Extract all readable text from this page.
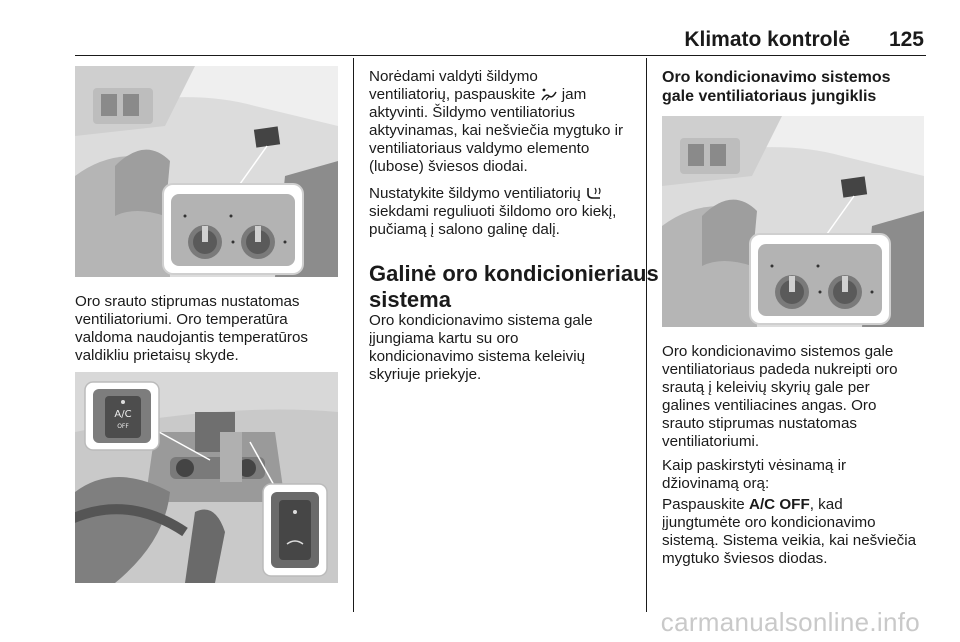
Klimato kontrolė 125

Oro srauto stiprumas nustatomas
ventiliatoriumi. Oro temperatūra
valdoma naudojantis temperatūros
valdikliu prietaisų skyde.

A/C
OFF

Norėdami valdyti šildymo
ventiliatorių, paspauskite jam
aktyvinti. Šildymo ventiliatorius
aktyvinamas, kai nešviečia mygtuko ir
ventiliatoriaus valdymo elemento
(lubose) šviesos diodai.

Nustatykite šildymo ventiliatorių
siekdami reguliuoti šildomo oro kiekį,
pučiamą į salono galinę dalį.

Galinė oro kondicionieriaus
sistema

Oro kondicionavimo sistema gale
įjungiama kartu su oro
kondicionavimo sistema keleivių
skyriuje priekyje.

Oro kondicionavimo sistemos
gale ventiliatoriaus jungiklis

Oro kondicionavimo sistemos gale
ventiliatoriaus padeda nukreipti oro
srautą į keleivių skyrių gale per
galines ventiliacines angas. Oro
srauto stiprumas nustatomas
ventiliatoriumi.

Kaip paskirstyti vėsinamą ir
džiovinamą orą:

Paspauskite A/C OFF, kad
įjungtumėte oro kondicionavimo
sistemą. Sistema veikia, kai nešviečia
mygtuko šviesos diodas.

carmanualsonline.info
